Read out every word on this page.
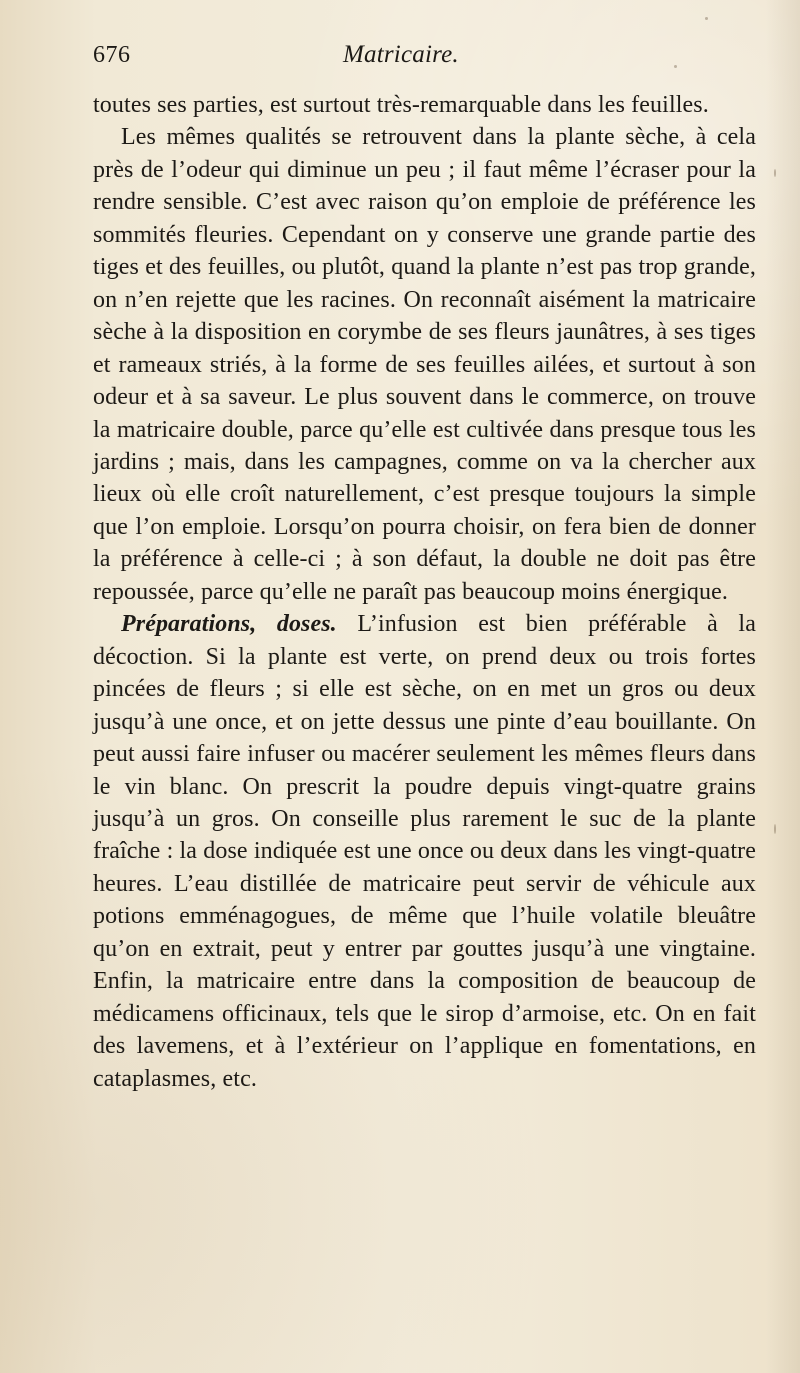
676	Matricaire.

toutes ses parties, est surtout très-remarquable dans les feuilles.

Les mêmes qualités se retrouvent dans la plante sèche, à cela près de l’odeur qui diminue un peu ; il faut même l’écraser pour la rendre sensible. C’est avec raison qu’on emploie de préférence les sommités fleuries. Cependant on y conserve une grande partie des tiges et des feuilles, ou plutôt, quand la plante n’est pas trop grande, on n’en rejette que les racines. On reconnaît aisément la matricaire sèche à la disposition en corymbe de ses fleurs jaunâtres, à ses tiges et rameaux striés, à la forme de ses feuilles ailées, et surtout à son odeur et à sa saveur. Le plus souvent dans le commerce, on trouve la matricaire double, parce qu’elle est cultivée dans presque tous les jardins ; mais, dans les campagnes, comme on va la chercher aux lieux où elle croît naturellement, c’est presque toujours la simple que l’on emploie. Lorsqu’on pourra choisir, on fera bien de donner la préférence à celle-ci ; à son défaut, la double ne doit pas être repoussée, parce qu’elle ne paraît pas beaucoup moins énergique.

Préparations, doses. L’infusion est bien préférable à la décoction. Si la plante est verte, on prend deux ou trois fortes pincées de fleurs ; si elle est sèche, on en met un gros ou deux jusqu’à une once, et on jette dessus une pinte d’eau bouillante. On peut aussi faire infuser ou macérer seulement les mêmes fleurs dans le vin blanc. On prescrit la poudre depuis vingt-quatre grains jusqu’à un gros. On conseille plus rarement le suc de la plante fraîche : la dose indiquée est une once ou deux dans les vingt-quatre heures. L’eau distillée de matricaire peut servir de véhicule aux potions emménagogues, de même que l’huile volatile bleuâtre qu’on en extrait, peut y entrer par gouttes jusqu’à une vingtaine. Enfin, la matricaire entre dans la composition de beaucoup de médicamens officinaux, tels que le sirop d’armoise, etc. On en fait des lavemens, et à l’extérieur on l’applique en fomentations, en cataplasmes, etc.
